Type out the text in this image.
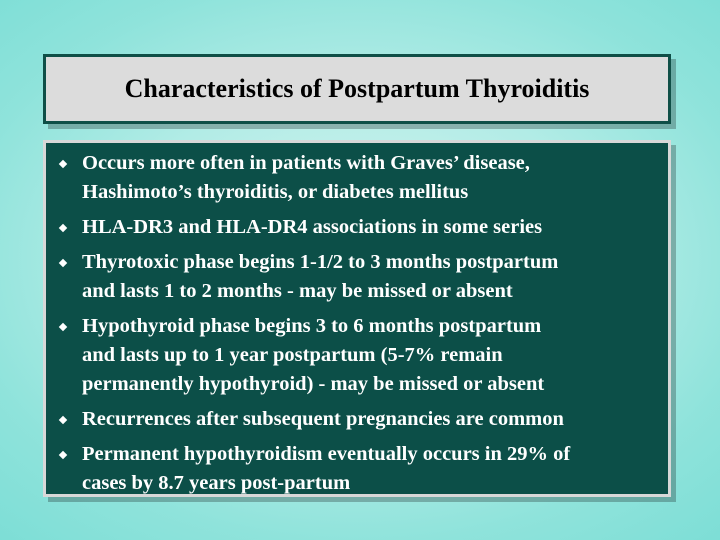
Characteristics of Postpartum Thyroiditis
Occurs more often in patients with Graves’ disease,
Hashimoto’s thyroiditis, or diabetes mellitus
HLA-DR3 and HLA-DR4 associations in some series
Thyrotoxic phase begins 1-1/2 to 3 months postpartum
and lasts 1 to 2 months - may be missed or absent
Hypothyroid phase begins 3 to 6 months postpartum
and lasts up to 1 year postpartum (5-7% remain
permanently hypothyroid) - may be missed or absent
Recurrences after subsequent pregnancies are common
Permanent hypothyroidism eventually occurs in 29% of
cases by 8.7 years post-partum
